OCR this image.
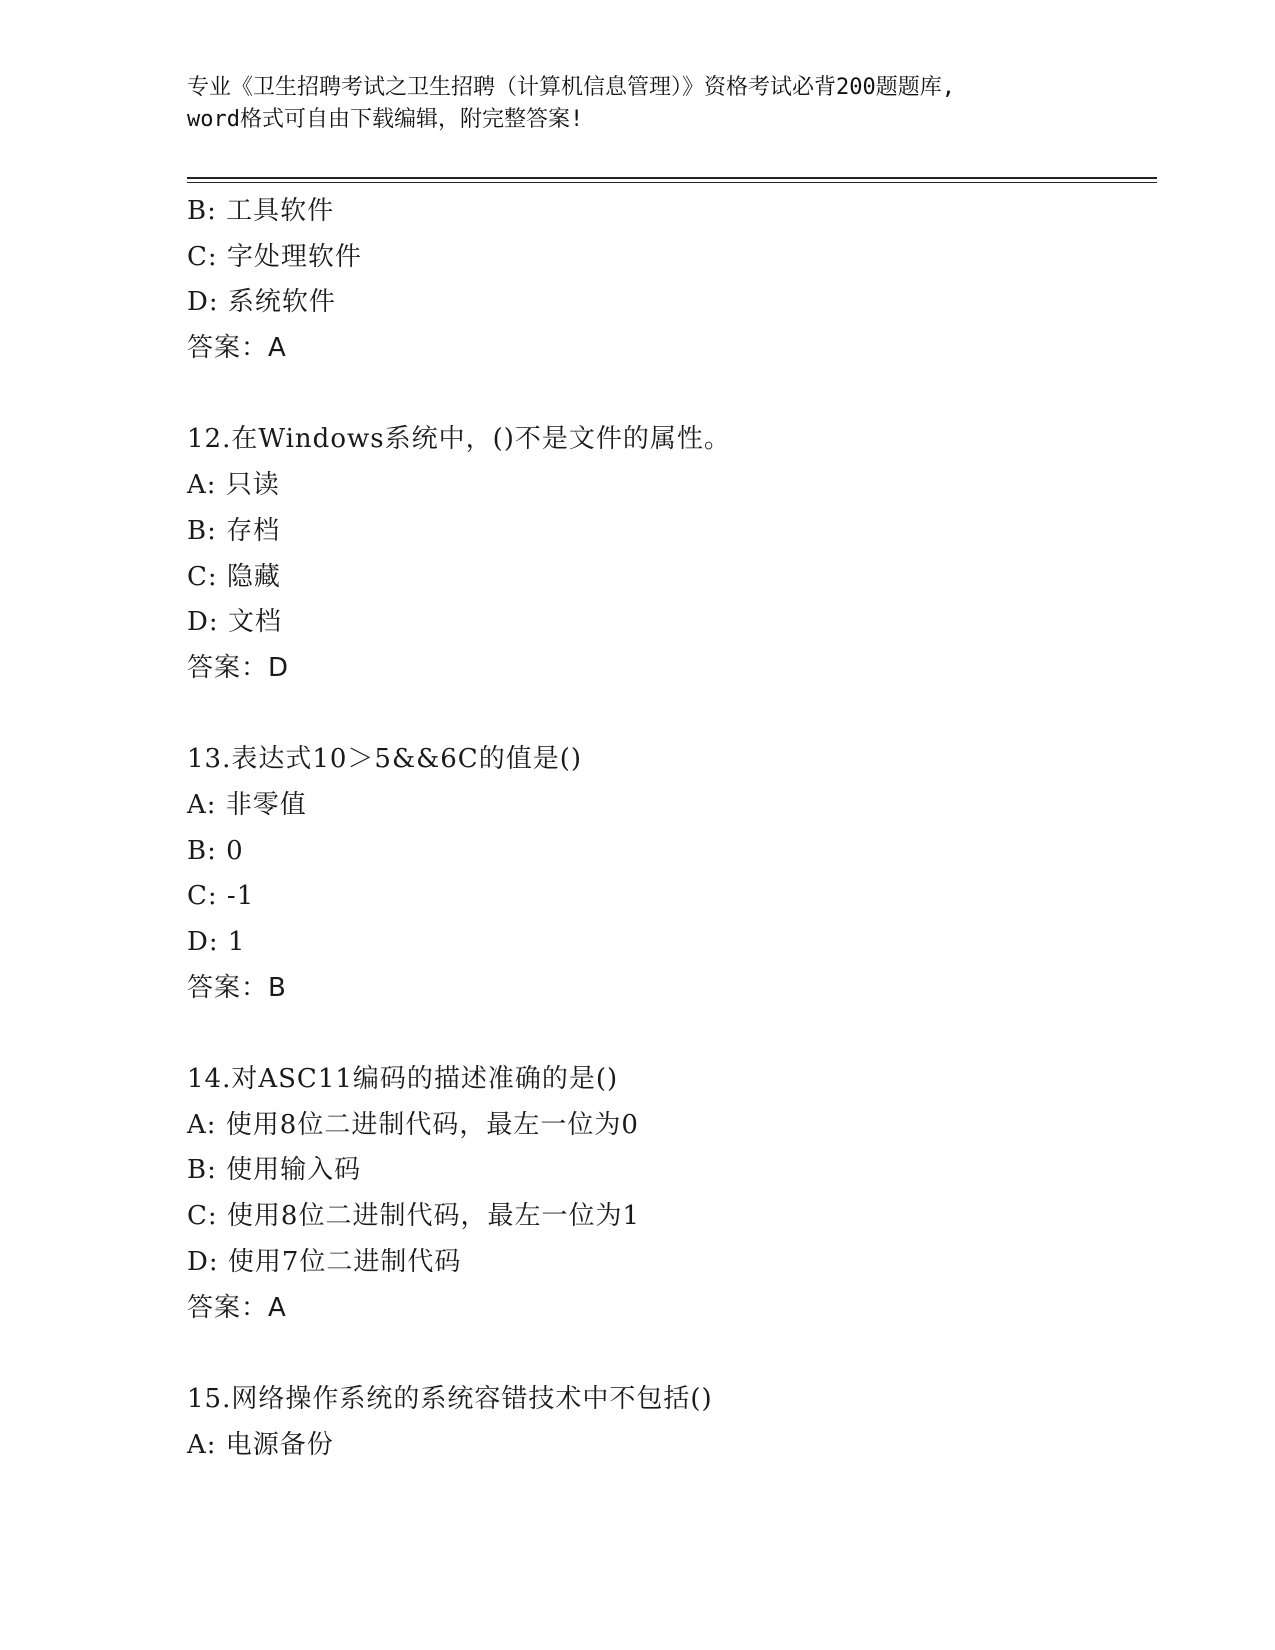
专业《卫生招聘考试之卫生招聘（计算机信息管理）》资格考试必背200题题库,
word格式可自由下载编辑，附完整答案!
B: 工具软件
C: 字处理软件
D: 系统软件
答案：A
12.在Windows系统中，()不是文件的属性。
A: 只读
B: 存档
C: 隐藏
D: 文档
答案：D
13.表达式10＞5&&6C的值是()
A: 非零值
B: 0
C: -1
D: 1
答案：B
14.对ASC11编码的描述准确的是()
A: 使用8位二进制代码，最左一位为0
B: 使用输入码
C: 使用8位二进制代码，最左一位为1
D: 使用7位二进制代码
答案：A
15.网络操作系统的系统容错技术中不包括()
A: 电源备份
